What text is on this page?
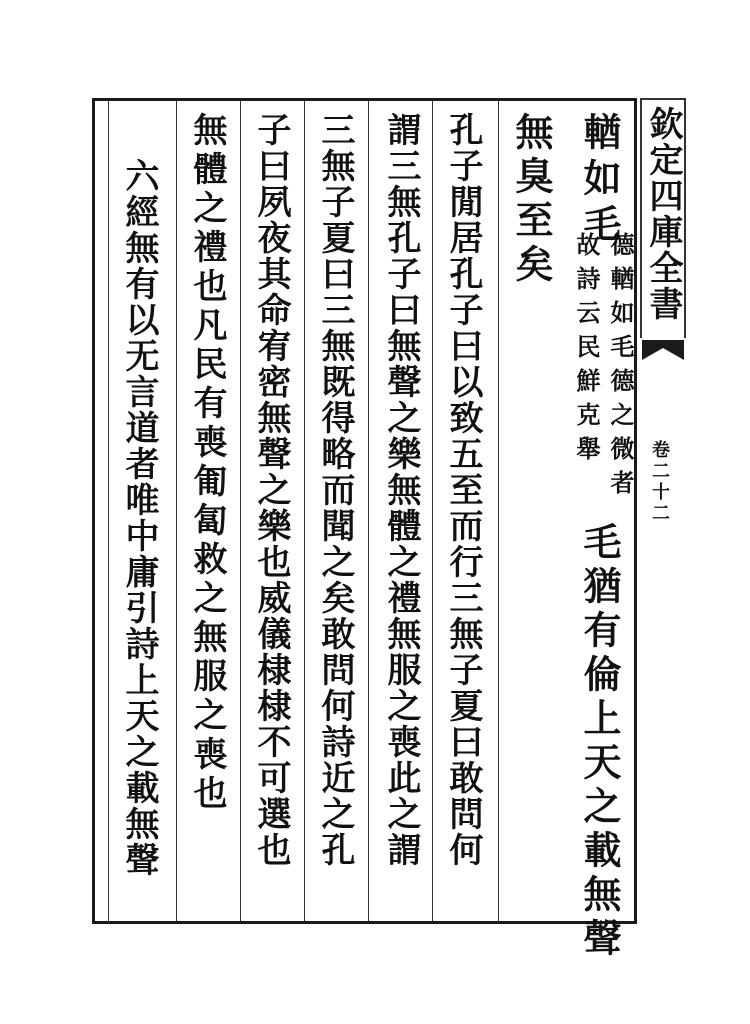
欽定四庫全書
卷二十二
輶如毛
德輶如毛德之微者
故詩云民鮮克舉
毛猶有倫上天之載無聲
無臭至矣
孔子閒居孔子曰以致五至而行三無子夏曰敢問何
謂三無孔子曰無聲之樂無體之禮無服之喪此之謂
三無子夏曰三無既得略而聞之矣敢問何詩近之孔
子曰夙夜其命宥密無聲之樂也威儀棣棣不可選也
無體之禮也凡民有喪匍匐救之無服之喪也
六經無有以无言道者唯中庸引詩上天之載無聲
